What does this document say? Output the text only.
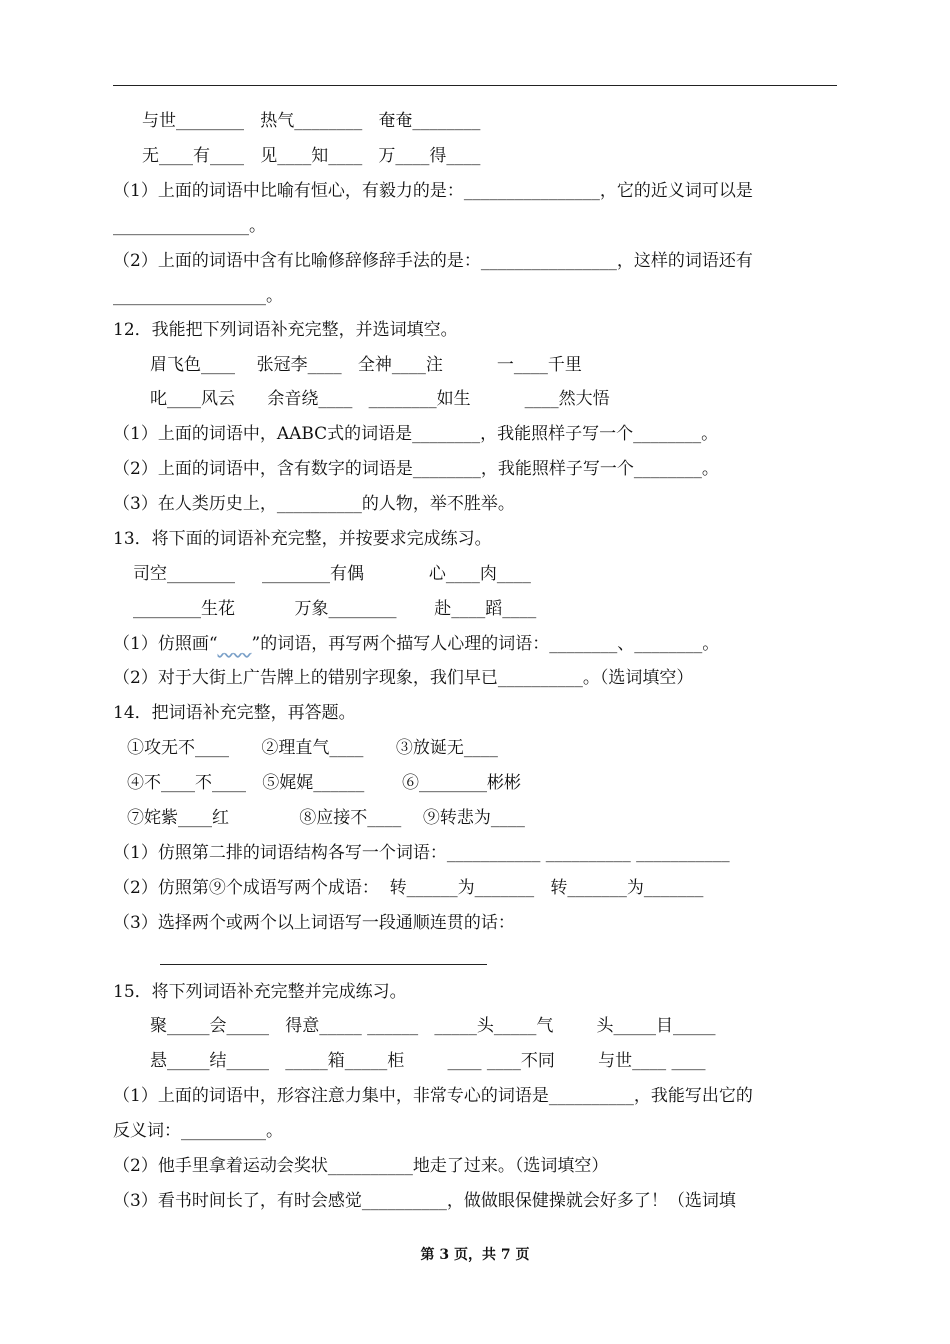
与世________   热气________   奄奄________
无____有____   见____知____   万____得____
（1）上面的词语中比喻有恒心，有毅力的是：________________，它的近义词可以是
________________。
（2）上面的词语中含有比喻修辞修辞手法的是：________________，这样的词语还有
__________________。
12．我能把下列词语补充完整，并选词填空。
眉飞色____    张冠李____   全神____注          一____千里
叱____风云      余音绕____   ________如生          ____然大悟
（1）上面的词语中，AABC式的词语是________，我能照样子写一个________。
（2）上面的词语中，含有数字的词语是________，我能照样子写一个________。
（3）在人类历史上，__________的人物，举不胜举。
13．将下面的词语补充完整，并按要求完成练习。
司空________     ________有偶            心____肉____
________生花           万象________       赴____蹈____
（1）仿照画“____”的词语，再写两个描写人心理的词语：________、________。
（2）对于大街上广告牌上的错别字现象，我们早已__________。（选词填空）
14．把词语补充完整，再答题。
①攻无不____      ②理直气____      ③放诞无____
④不____不____   ⑤娓娓______       ⑥________彬彬
⑦姹紫____红             ⑧应接不____    ⑨转悲为____
（1）仿照第二排的词语结构各写一个词语：___________ __________ ___________
（2）仿照第⑨个成语写两个成语：  转______为_______   转_______为_______
（3）选择两个或两个以上词语写一段通顺连贯的话：
15．将下列词语补充完整并完成练习。
聚_____会_____   得意_____ ______   _____头_____气        头_____目_____
悬_____结_____   _____箱_____柜        ____ ____不同        与世____ ____
（1）上面的词语中，形容注意力集中，非常专心的词语是__________，我能写出它的
反义词：__________。
（2）他手里拿着运动会奖状__________地走了过来。（选词填空）
（3）看书时间长了，有时会感觉__________，做做眼保健操就会好多了！（选词填
第 3 页，共 7 页
